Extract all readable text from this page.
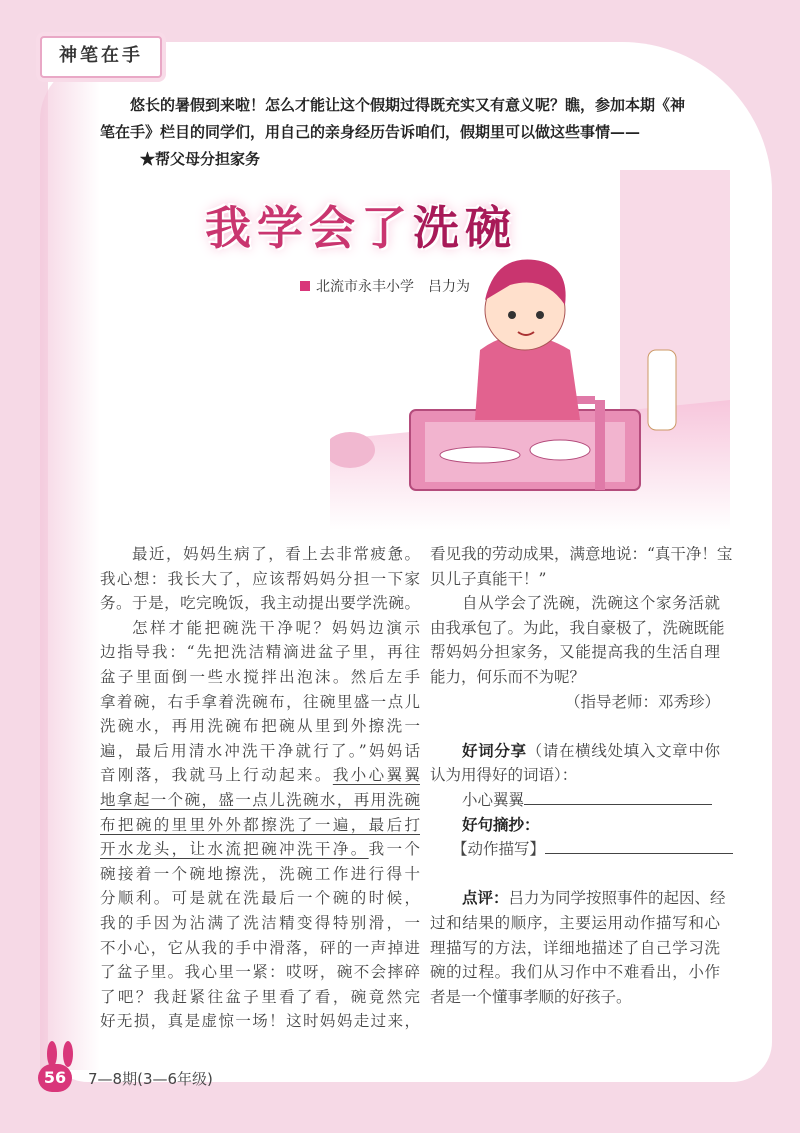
神笔在手
悠长的暑假到来啦！怎么才能让这个假期过得既充实又有意义呢？瞧，参加本期《神
笔在手》栏目的同学们，用自己的亲身经历告诉咱们，假期里可以做这些事情——
★帮父母分担家务
我学会了洗碗
北流市永丰小学　吕力为
最近，妈妈生病了，看上去非常疲惫。
我心想：我长大了，应该帮妈妈分担一下家
务。于是，吃完晚饭，我主动提出要学洗碗。
怎样才能把碗洗干净呢？妈妈边演示
边指导我：“先把洗洁精滴进盆子里，再往
盆子里面倒一些水搅拌出泡沫。然后左手
拿着碗，右手拿着洗碗布，往碗里盛一点儿
洗碗水，再用洗碗布把碗从里到外擦洗一
遍，最后用清水冲洗干净就行了。”妈妈话
音刚落，我就马上行动起来。我小心翼翼
地拿起一个碗，盛一点儿洗碗水，再用洗碗
布把碗的里里外外都擦洗了一遍，最后打
开水龙头，让水流把碗冲洗干净。我一个
碗接着一个碗地擦洗，洗碗工作进行得十
分顺利。可是就在洗最后一个碗的时候，
我的手因为沾满了洗洁精变得特别滑，一
不小心，它从我的手中滑落，砰的一声掉进
了盆子里。我心里一紧：哎呀，碗不会摔碎
了吧？我赶紧往盆子里看了看，碗竟然完
好无损，真是虚惊一场！这时妈妈走过来，
看见我的劳动成果，满意地说：“真干净！宝
贝儿子真能干！”
自从学会了洗碗，洗碗这个家务活就
由我承包了。为此，我自豪极了，洗碗既能
帮妈妈分担家务，又能提高我的生活自理
能力，何乐而不为呢？
（指导老师：邓秀珍）
好词分享（请在横线处填入文章中你
认为用得好的词语）：
小心翼翼
好句摘抄：
【动作描写】
点评：吕力为同学按照事件的起因、经
过和结果的顺序，主要运用动作描写和心
理描写的方法，详细地描述了自己学习洗
碗的过程。我们从习作中不难看出，小作
者是一个懂事孝顺的好孩子。
56	7—8期(3—6年级)
